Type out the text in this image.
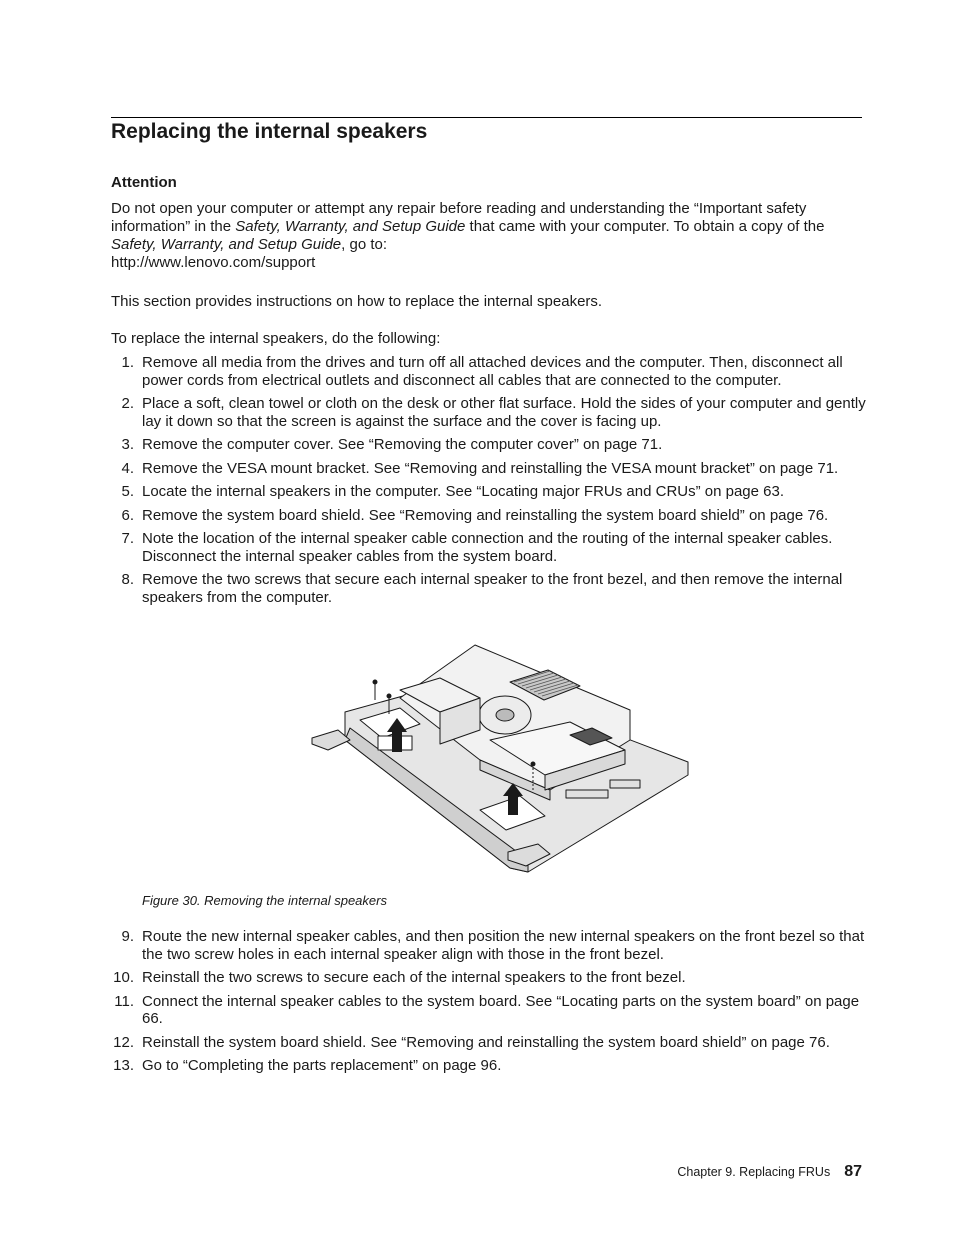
Replacing the internal speakers
Attention

Do not open your computer or attempt any repair before reading and understanding the “Important safety information” in the Safety, Warranty, and Setup Guide that came with your computer. To obtain a copy of the Safety, Warranty, and Setup Guide, go to:
http://www.lenovo.com/support

This section provides instructions on how to replace the internal speakers.

To replace the internal speakers, do the following:

1. Remove all media from the drives and turn off all attached devices and the computer. Then, disconnect all power cords from electrical outlets and disconnect all cables that are connected to the computer.
2. Place a soft, clean towel or cloth on the desk or other flat surface. Hold the sides of your computer and gently lay it down so that the screen is against the surface and the cover is facing up.
3. Remove the computer cover. See “Removing the computer cover” on page 71.
4. Remove the VESA mount bracket. See “Removing and reinstalling the VESA mount bracket” on page 71.
5. Locate the internal speakers in the computer. See “Locating major FRUs and CRUs” on page 63.
6. Remove the system board shield. See “Removing and reinstalling the system board shield” on page 76.
7. Note the location of the internal speaker cable connection and the routing of the internal speaker cables. Disconnect the internal speaker cables from the system board.
8. Remove the two screws that secure each internal speaker to the front bezel, and then remove the internal speakers from the computer.
Figure 30. Removing the internal speakers
9. Route the new internal speaker cables, and then position the new internal speakers on the front bezel so that the two screw holes in each internal speaker align with those in the front bezel.
10. Reinstall the two screws to secure each of the internal speakers to the front bezel.
11. Connect the internal speaker cables to the system board. See “Locating parts on the system board” on page 66.
12. Reinstall the system board shield. See “Removing and reinstalling the system board shield” on page 76.
13. Go to “Completing the parts replacement” on page 96.
Chapter 9. Replacing FRUs 87
